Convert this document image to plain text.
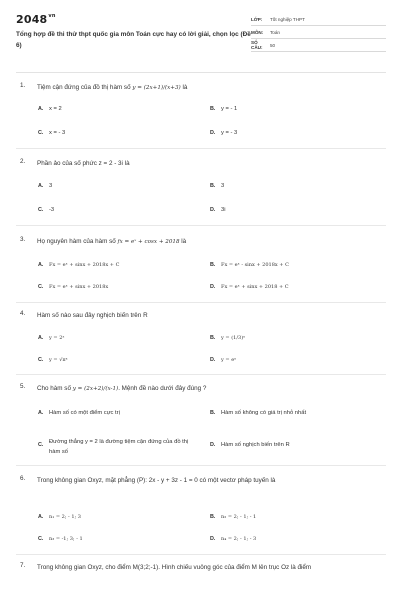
$2048^{vn}$
Tổng hợp đề thi thử thpt quốc gia môn Toán cực hay có lời giải, chọn lọc (Đề 6)
LỚP:	Tốt nghiệp THPT
MÔN:	Toán
SỐ CÂU:	50
1. Tiệm cận đứng của đồ thị hàm số y = (2x+1)/(x+3) là
A. x = 2	B. y = - 1
C. x = - 3	D. y = - 3
2. Phần ảo của số phức z = 2 - 3i là
A. 3	B. 3
C. -3	D. 3i
3. Họ nguyên hàm của hàm số fx = eˣ + cosx + 2018 là
A. Fx = eˣ + sinx + 2018x + C	B. Fx = eˣ - sinx + 2018x + C
C. Fx = eˣ + sinx + 2018x	D. Fx = eˣ + sinx + 2018 + C
4. Hàm số nào sau đây nghịch biến trên R
A. y = 2ˣ	B. y = (1/3)ˣ
C. y = √πˣ	D. y = eˣ
5. Cho hàm số y = (2x+2)/(x-1). Mệnh đề nào dưới đây đúng ?
A. Hàm số có một điểm cực trị	B. Hàm số không có giá trị nhỏ nhất
C. Đường thẳng y = 2 là đường tiệm cận đứng của đồ thị hàm số
D. Hàm số nghịch biến trên R
6. Trong không gian Oxyz, mặt phẳng (P): 2x - y + 3z - 1 = 0 có một vectơ pháp tuyến là
A. n₁ = 2; - 1; 3	B. n₂ = 2; - 1; - 1
C. n₃ = -1; 3; - 1	D. n₄ = 2; - 1; - 3
7. Trong không gian Oxyz, cho điểm M(3;2;-1). Hình chiếu vuông góc của điểm M lên trục Oz là điểm
